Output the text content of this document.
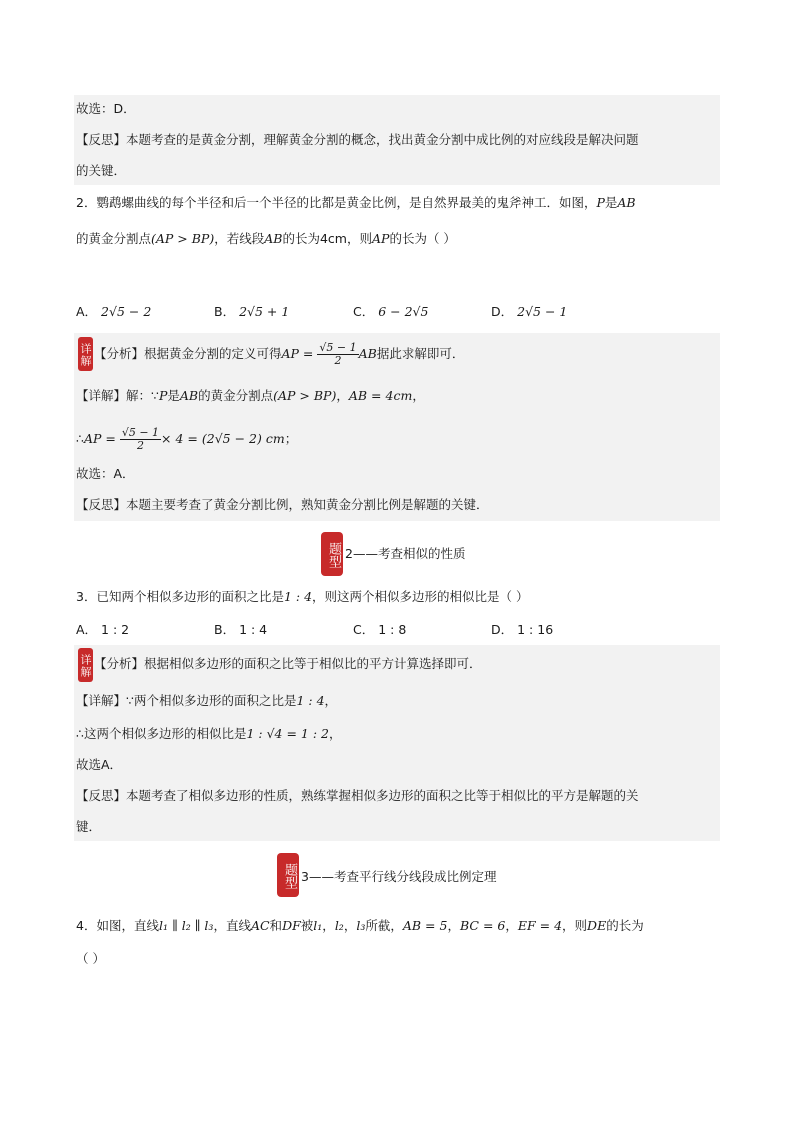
故选：D．
【反思】本题考查的是黄金分割，理解黄金分割的概念，找出黄金分割中成比例的对应线段是解决问题
的关键．
2．鹦鹉螺曲线的每个半径和后一个半径的比都是黄金比例，是自然界最美的鬼斧神工．如图，P是AB
的黄金分割点(AP > BP)，若线段AB的长为4cm，则AP的长为（ ）
A． 2√5 − 2	B． 2√5 + 1	C． 6 − 2√5	D． 2√5 − 1
详解 【分析】根据黄金分割的定义可得AP = $\frac{√5 - 1}{2}$ AB据此求解即可．
【详解】解：∵P是AB的黄金分割点(AP > BP)，AB = 4cm，
∴AP = $\frac{√5 - 1}{2} \times 4 = (2√5 - 2)$ cm；
故选：A．
【反思】本题主要考查了黄金分割比例，熟知黄金分割比例是解题的关键．
题型 2——考查相似的性质
3．已知两个相似多边形的面积之比是1 : 4，则这两个相似多边形的相似比是（ ）
A． 1 : 2	B． 1 : 4	C． 1 : 8	D． 1 : 16
详解 【分析】根据相似多边形的面积之比等于相似比的平方计算选择即可．
【详解】∵两个相似多边形的面积之比是1 : 4，
∴这两个相似多边形的相似比是1 : √4 = 1 : 2，
故选A．
【反思】本题考查了相似多边形的性质，熟练掌握相似多边形的面积之比等于相似比的平方是解题的关
键．
题型 3——考查平行线分线段成比例定理
4．如图，直线l₁ ∥ l₂ ∥ l₃，直线AC和DF被l₁，l₂，l₃所截，AB = 5，BC = 6，EF = 4，则DE的长为
（ ）
